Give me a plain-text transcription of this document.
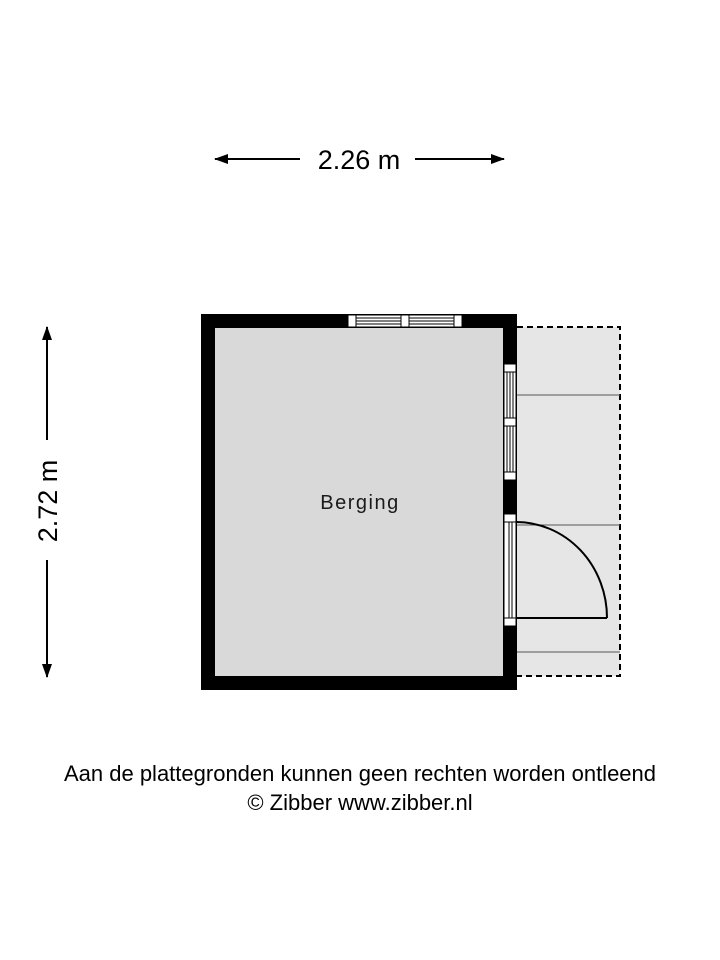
2.26 m
2.72 m	Berging

Aan de plattegronden kunnen geen rechten worden ontleend

© Zibber www.zibber.nl
